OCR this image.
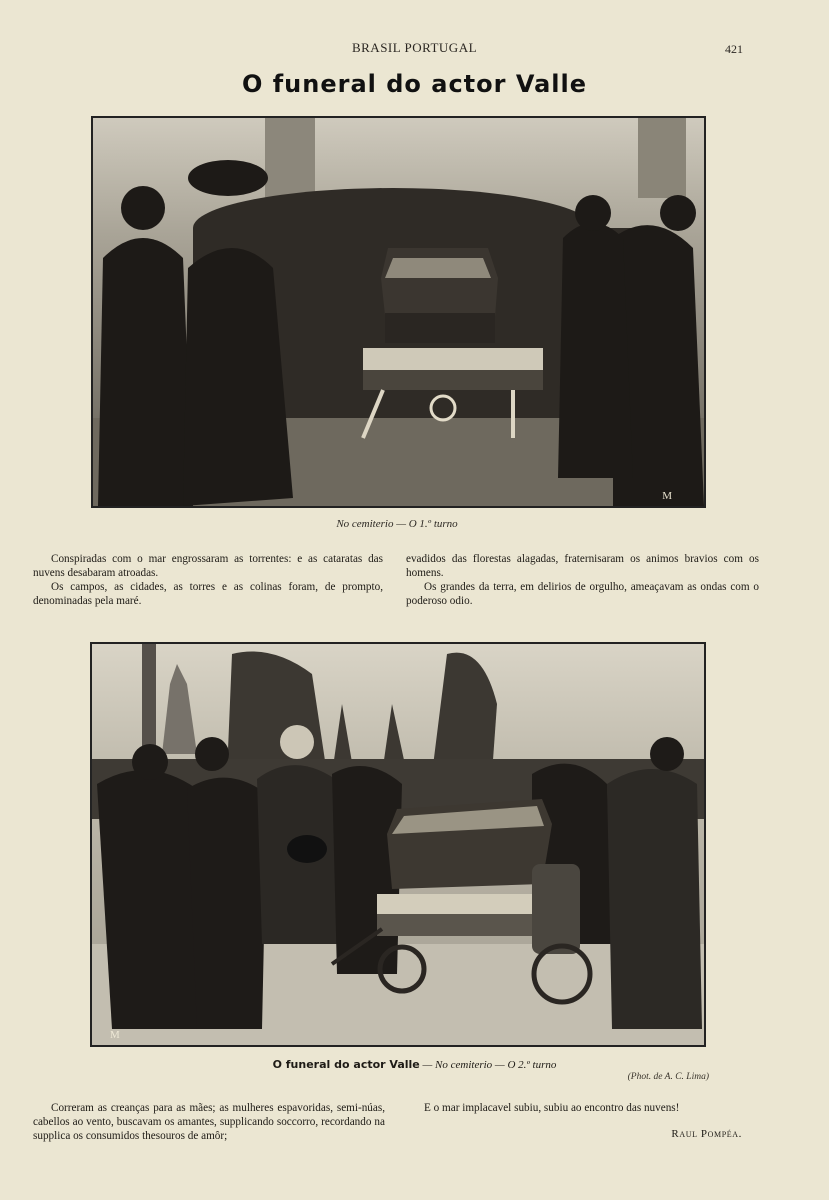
BRASIL PORTUGAL	421
O funeral do actor Valle
M
No cemiterio — O 1.º turno

Conspiradas com o mar engrossaram as torrentes: e as cataratas das nuvens desabaram atroadas.

Os campos, as cidades, as torres e as colinas foram, de prompto, denominadas pela maré.

evadidos das florestas alagadas, fraternisaram os animos bravios com os homens.

Os grandes da terra, em delirios de orgulho, ameaçavam as ondas com o poderoso odio.

M
O funeral do actor Valle — No cemiterio — O 2.º turno
(Phot. de A. C. Lima)

Correram as creanças para as mães; as mulheres espavoridas, semi-núas, cabellos ao vento, buscavam os amantes, supplicando soccorro, recordando na supplica os consumidos thesouros de amôr;

E o mar implacavel subiu, subiu ao encontro das nuvens!

Raul Pompéa.
